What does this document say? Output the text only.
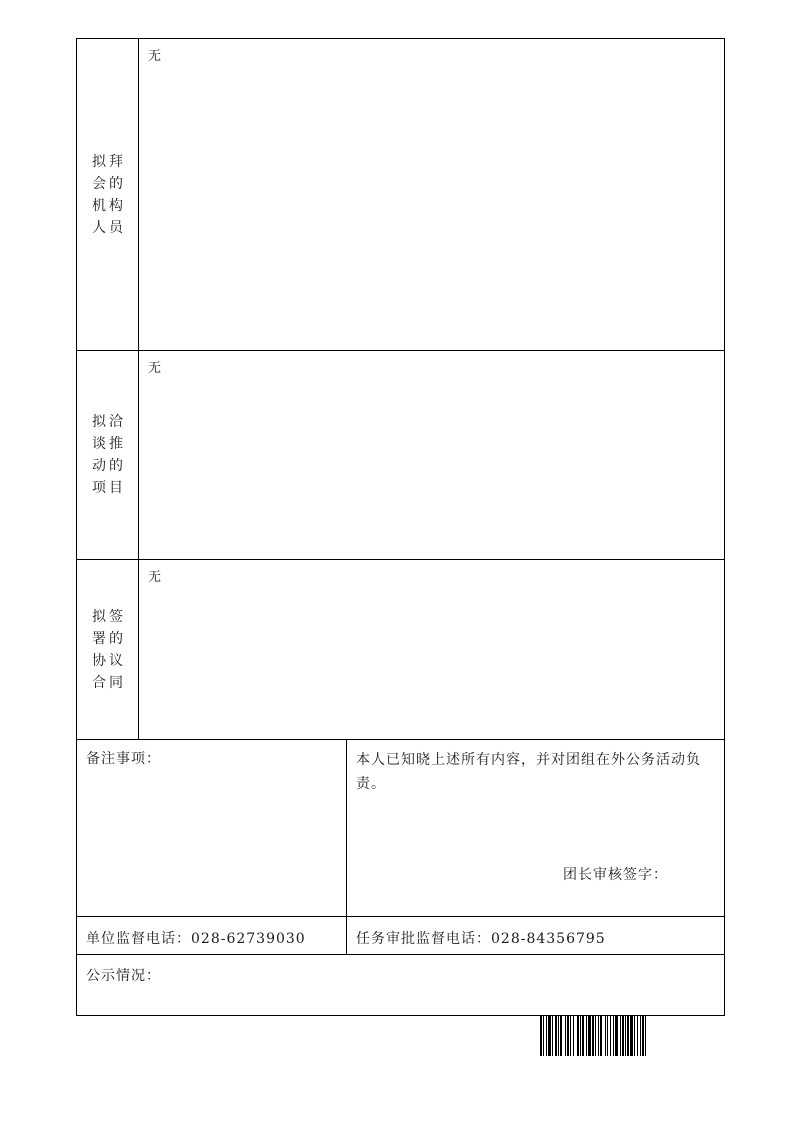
拟拜会的机构人员
无
拟洽谈推动的项目
无
拟签署的协议合同
无
备注事项：	本人已知晓上述所有内容，并对团组在外公务活动负责。
团长审核签字：
单位监督电话：028-62739030	任务审批监督电话：028-84356795
公示情况：
